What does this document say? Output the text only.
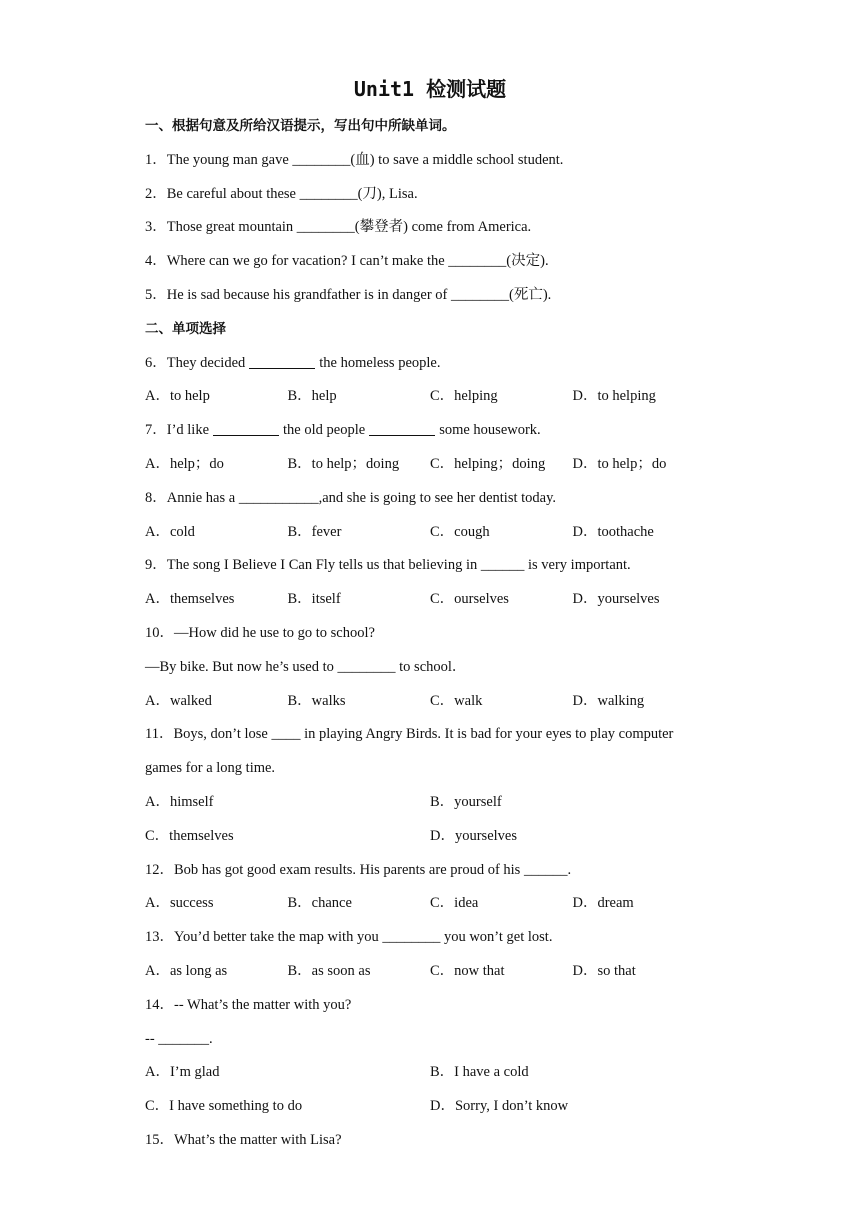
Unit1 检测试题
一、根据句意及所给汉语提示，写出句中所缺单词。
1．The young man gave ________(血) to save a middle school student.
2．Be careful about these ________(刀), Lisa.
3．Those great mountain ________(攀登者) come from America.
4．Where can we go for vacation? I can’t make the ________(决定).
5．He is sad because his grandfather is in danger of ________(死亡).
二、单项选择
6．They decided	the homeless people.
A．to help	B．help	C．helping	D．to helping
7．I’d like	the old people	some housework.
A．help；do	B．to help；doing	C．helping；doing	D．to help；do
8．Annie has a ___________,and she is going to see her dentist today.
A．cold	B．fever	C．cough	D．toothache
9．The song I Believe I Can Fly tells us that believing in ______ is very important.
A．themselves	B．itself	C．ourselves	D．yourselves
10．—How did he use to go to school?
—By bike. But now he’s used to ________ to school．
A．walked	B．walks	C．walk	D．walking
11．Boys, don’t lose ____ in playing Angry Birds. It is bad for your eyes to play computer
games for a long time.
A．himself	B．yourself
C．themselves	D．yourselves
12．Bob has got good exam results. His parents are proud of his ______.
A．success	B．chance	C．idea	D．dream
13．You’d better take the map with you ________ you won’t get lost.
A．as long as	B．as soon as	C．now that	D．so that
14．-- What’s the matter with you?
-- _______.
A．I’m glad	B．I have a cold
C．I have something to do	D．Sorry, I don’t know
15．What’s the matter with Lisa?
